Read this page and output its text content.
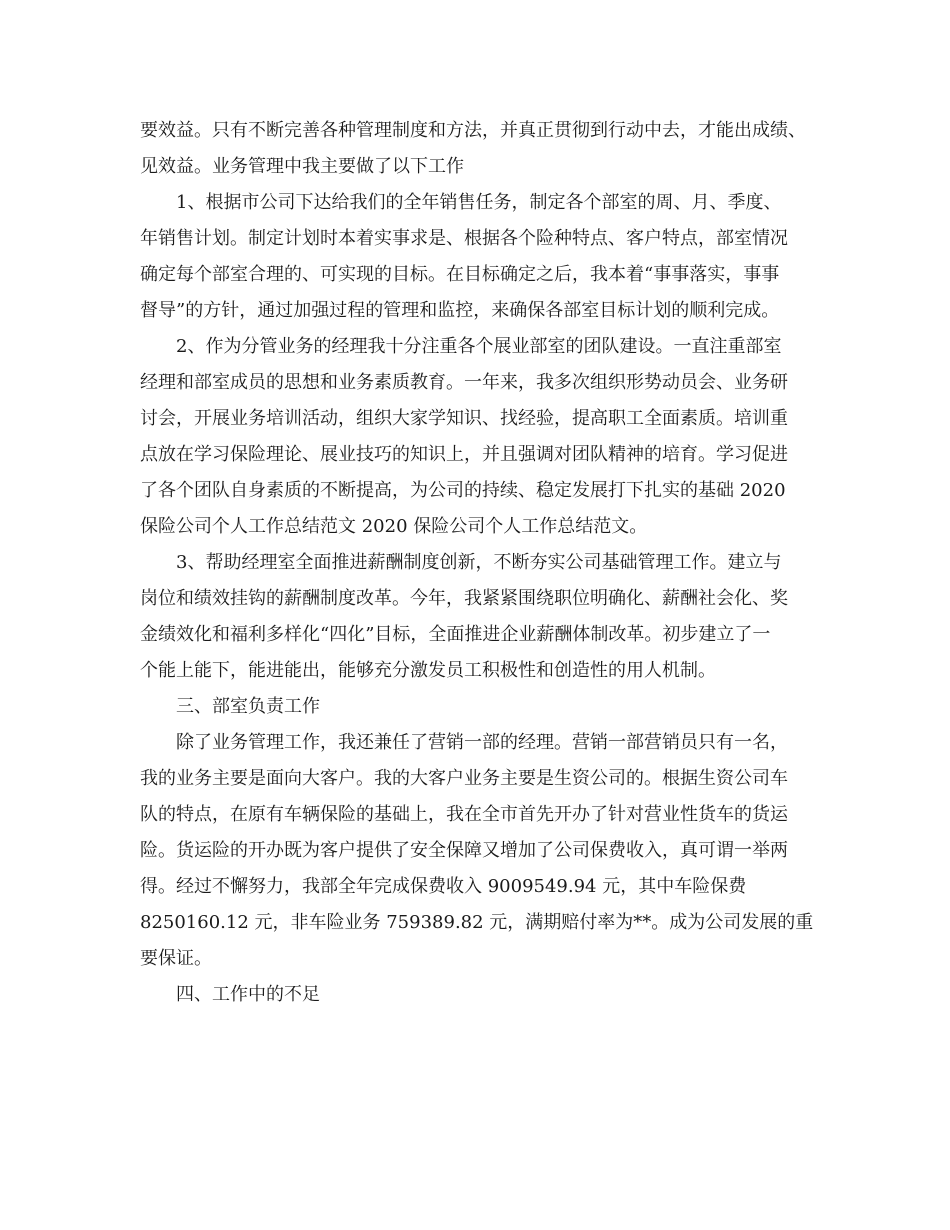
要效益。只有不断完善各种管理制度和方法，并真正贯彻到行动中去，才能出成绩、
见效益。业务管理中我主要做了以下工作
1、根据市公司下达给我们的全年销售任务，制定各个部室的周、月、季度、
年销售计划。制定计划时本着实事求是、根据各个险种特点、客户特点，部室情况
确定每个部室合理的、可实现的目标。在目标确定之后，我本着“事事落实，事事
督导”的方针，通过加强过程的管理和监控，来确保各部室目标计划的顺利完成。
2、作为分管业务的经理我十分注重各个展业部室的团队建设。一直注重部室
经理和部室成员的思想和业务素质教育。一年来，我多次组织形势动员会、业务研
讨会，开展业务培训活动，组织大家学知识、找经验，提高职工全面素质。培训重
点放在学习保险理论、展业技巧的知识上，并且强调对团队精神的培育。学习促进
了各个团队自身素质的不断提高，为公司的持续、稳定发展打下扎实的基础 2020
保险公司个人工作总结范文 2020 保险公司个人工作总结范文。
3、帮助经理室全面推进薪酬制度创新，不断夯实公司基础管理工作。建立与
岗位和绩效挂钩的薪酬制度改革。今年，我紧紧围绕职位明确化、薪酬社会化、奖
金绩效化和福利多样化“四化”目标，全面推进企业薪酬体制改革。初步建立了一
个能上能下，能进能出，能够充分激发员工积极性和创造性的用人机制。
三、部室负责工作
除了业务管理工作，我还兼任了营销一部的经理。营销一部营销员只有一名，
我的业务主要是面向大客户。我的大客户业务主要是生资公司的。根据生资公司车
队的特点，在原有车辆保险的基础上，我在全市首先开办了针对营业性货车的货运
险。货运险的开办既为客户提供了安全保障又增加了公司保费收入，真可谓一举两
得。经过不懈努力，我部全年完成保费收入 9009549.94 元，其中车险保费
8250160.12 元，非车险业务 759389.82 元，满期赔付率为**。成为公司发展的重
要保证。
四、工作中的不足
